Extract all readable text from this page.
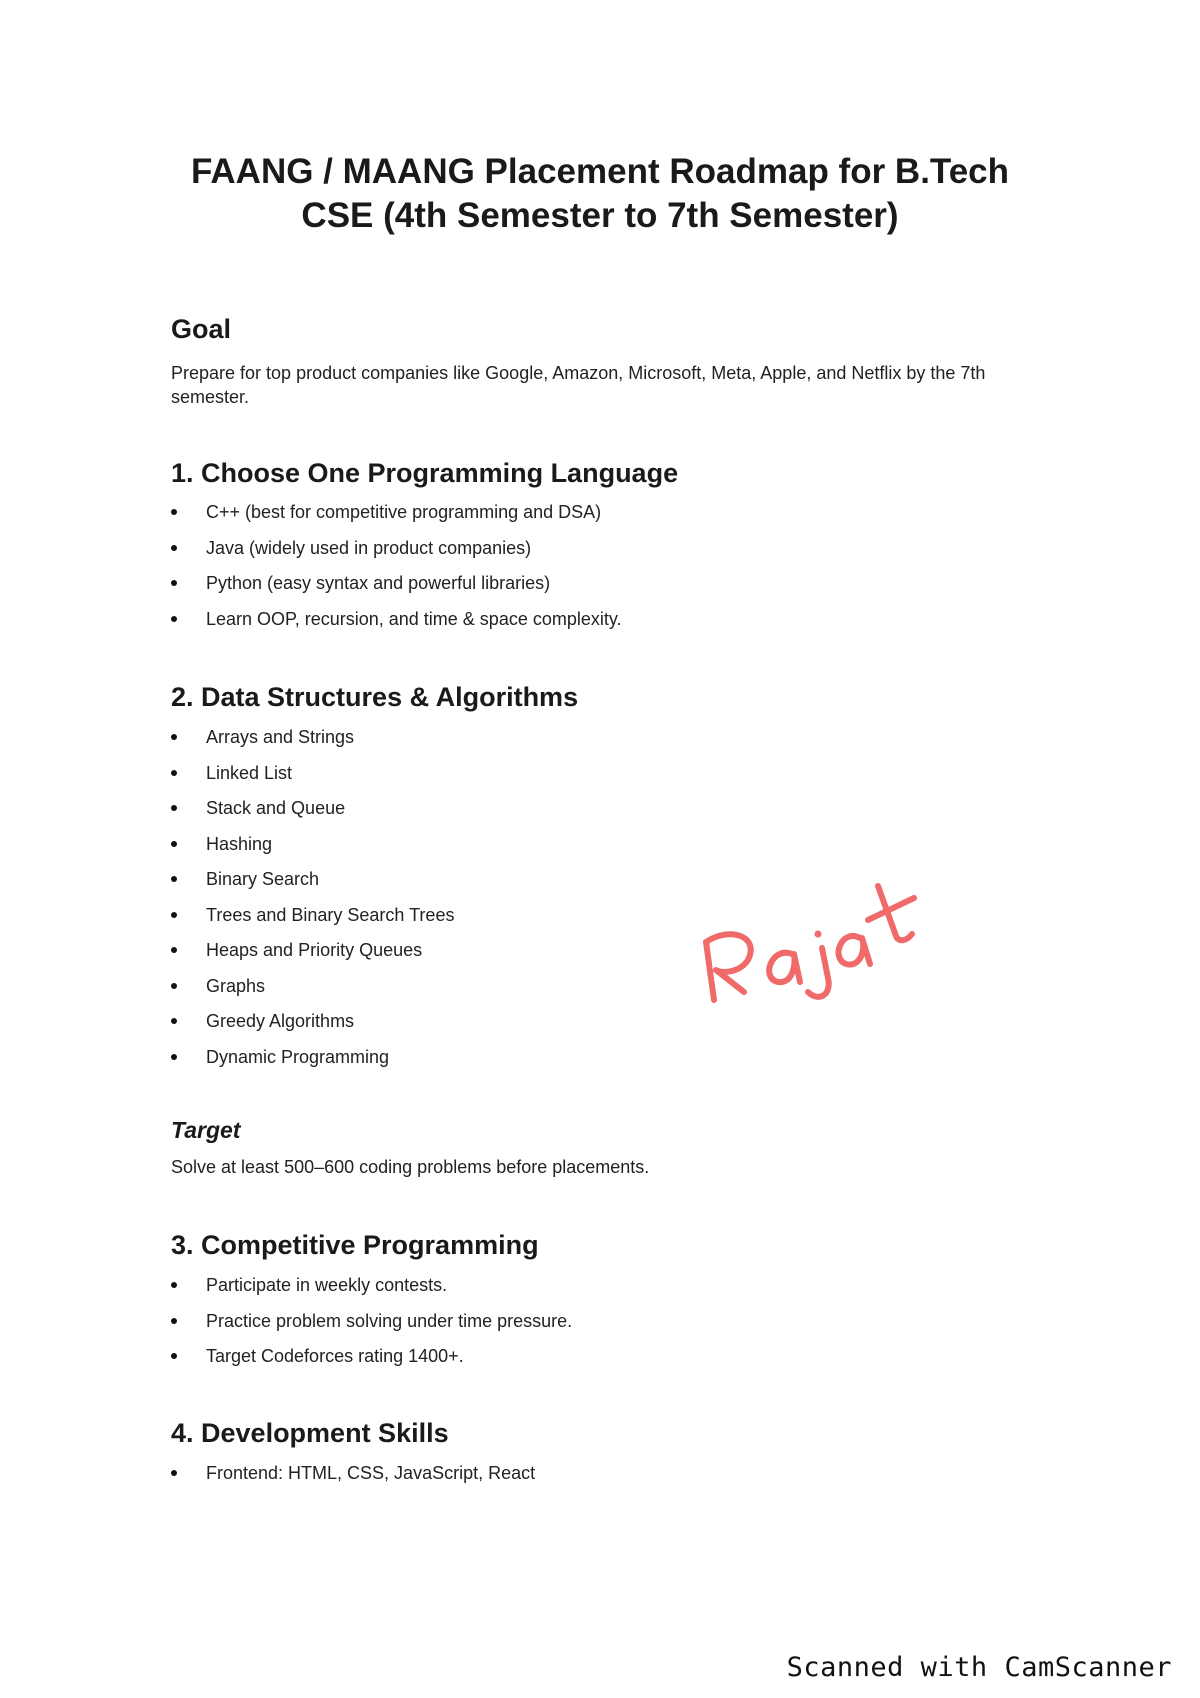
FAANG / MAANG Placement Roadmap for B.Tech
CSE (4th Semester to 7th Semester)
Goal

Prepare for top product companies like Google, Amazon, Microsoft, Meta, Apple, and Netflix by the 7th semester.

1. Choose One Programming Language
C++ (best for competitive programming and DSA)
Java (widely used in product companies)
Python (easy syntax and powerful libraries)
Learn OOP, recursion, and time & space complexity.
2. Data Structures & Algorithms
Arrays and Strings
Linked List
Stack and Queue
Hashing
Binary Search
Trees and Binary Search Trees
Heaps and Priority Queues
Graphs
Greedy Algorithms
Dynamic Programming
Target

Solve at least 500–600 coding problems before placements.

3. Competitive Programming
Participate in weekly contests.
Practice problem solving under time pressure.
Target Codeforces rating 1400+.
4. Development Skills
Frontend: HTML, CSS, JavaScript, React
Scanned with CamScanner
